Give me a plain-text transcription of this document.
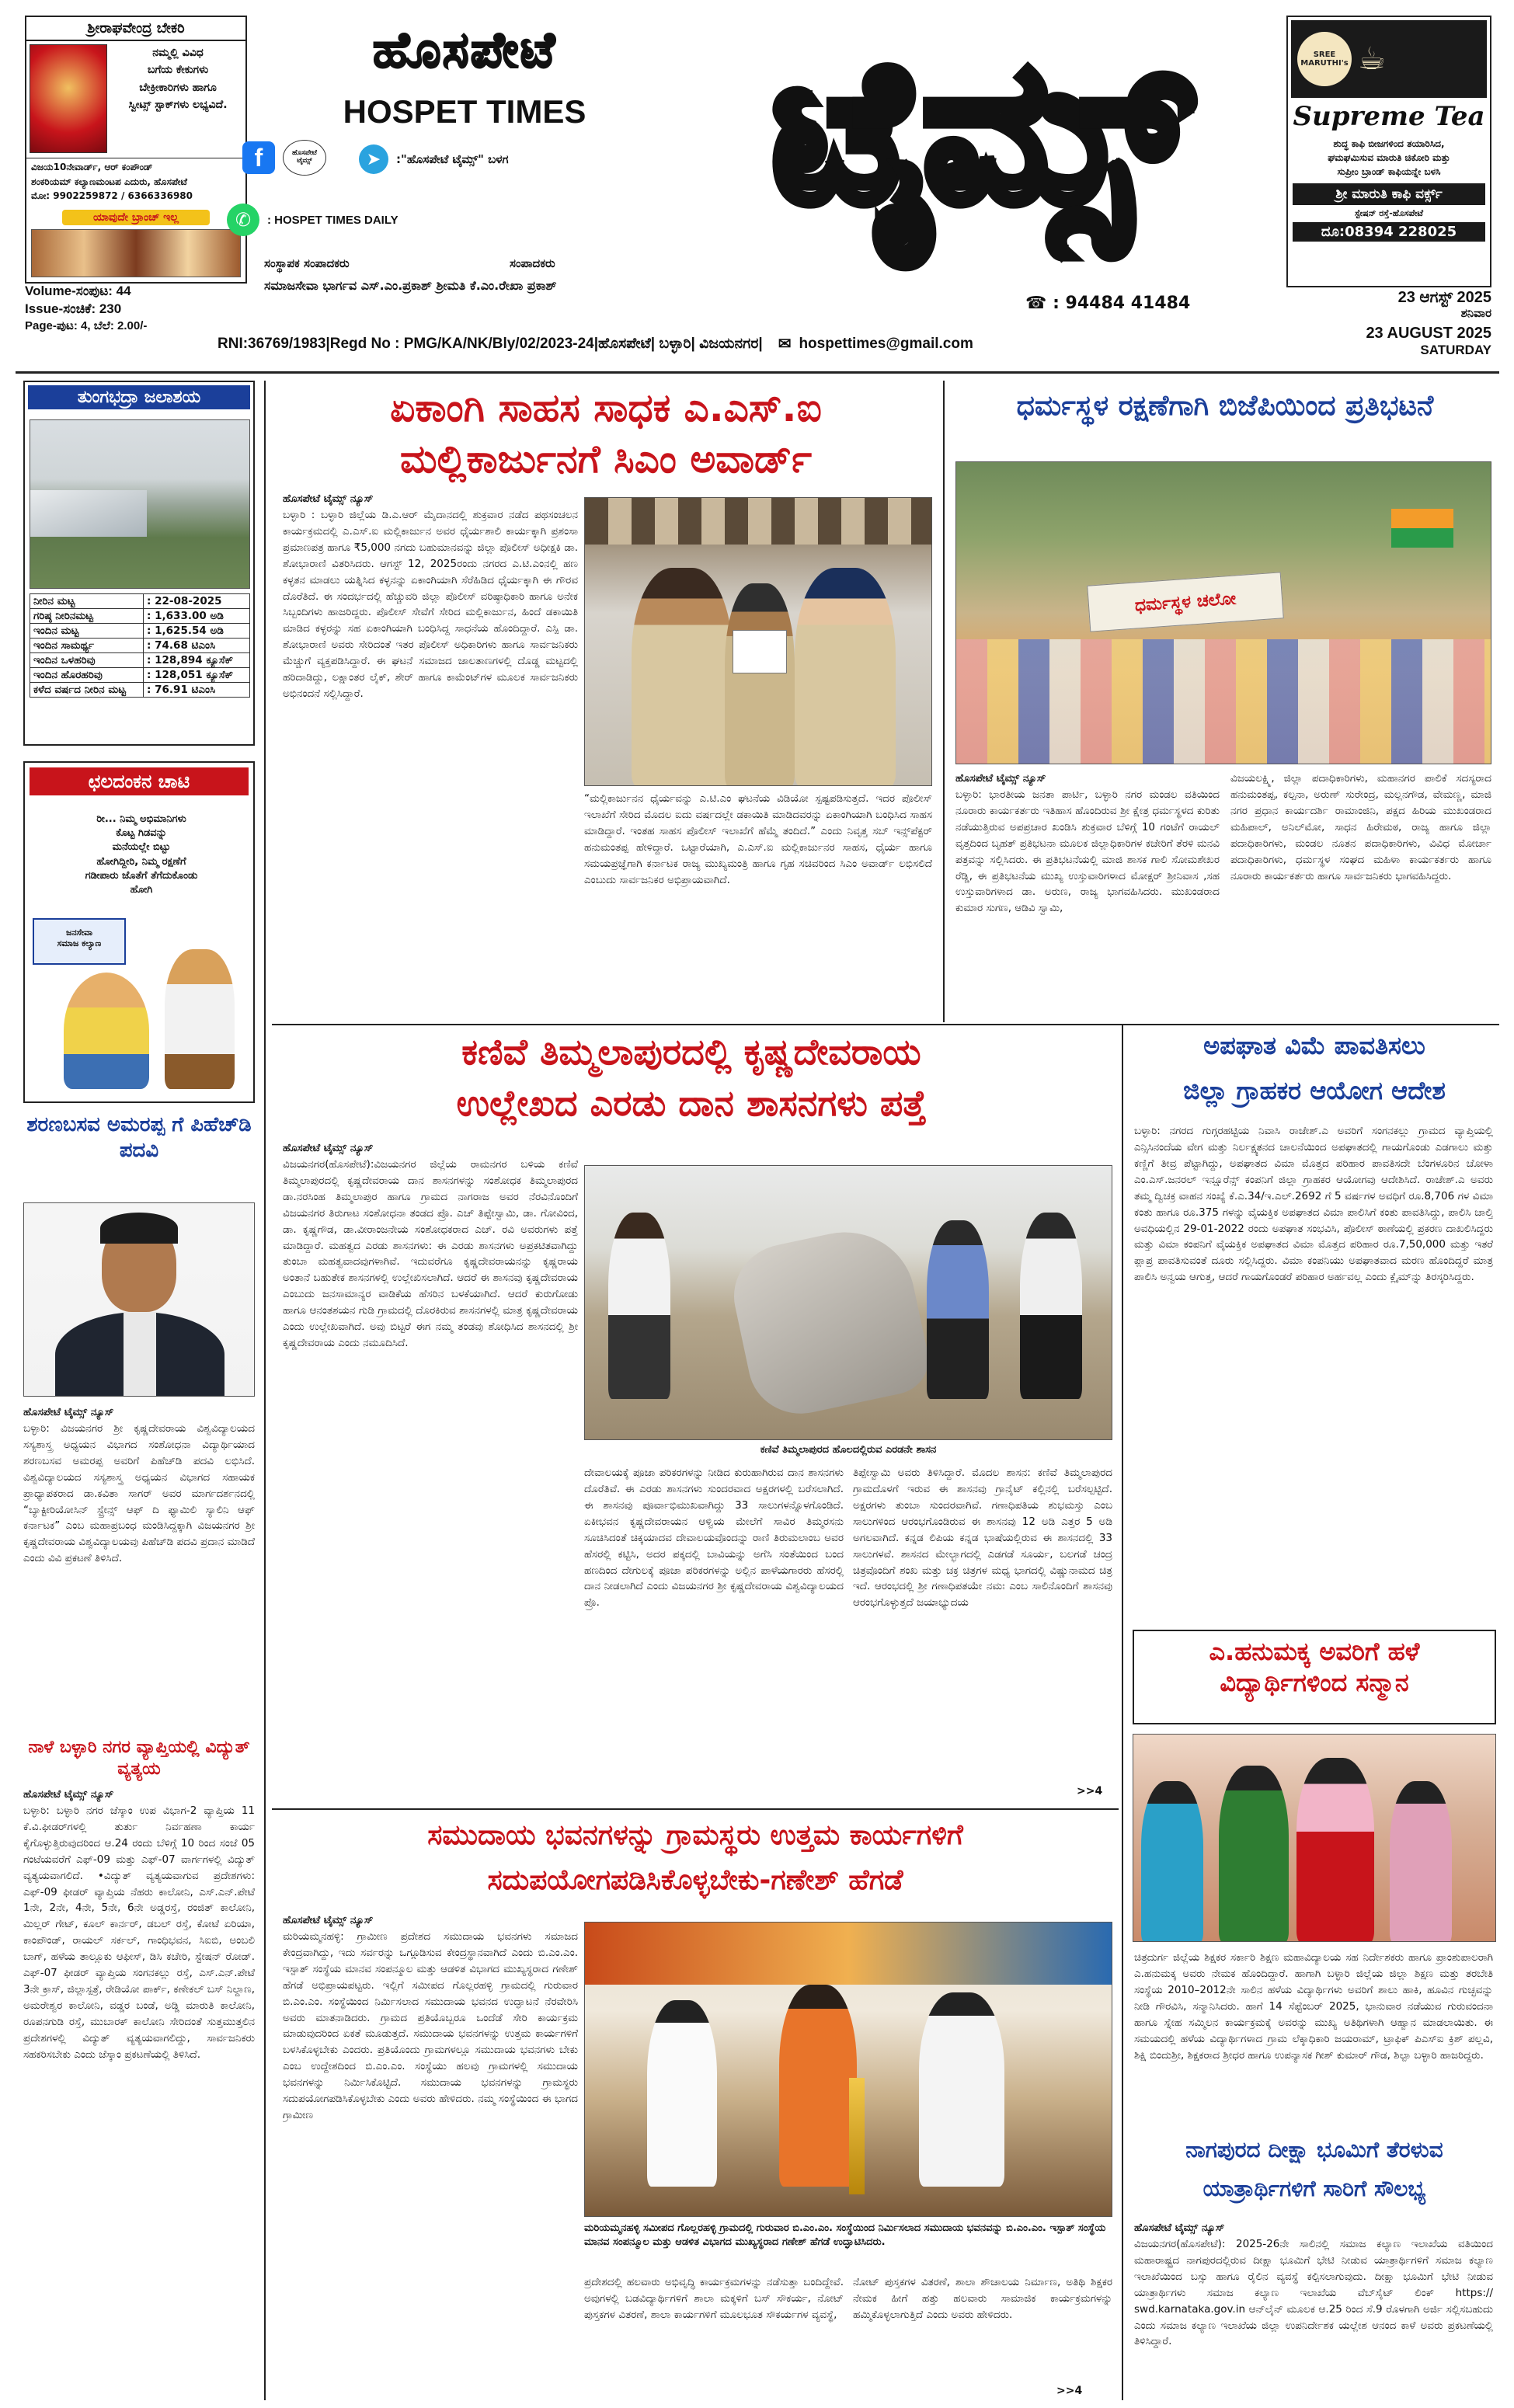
ಶ್ರೀರಾಘವೇಂದ್ರ ಬೇಕರಿ
ನಮ್ಮಲ್ಲಿ ವಿವಿಧ
ಬಗೆಯ ಕೇಕುಗಳು
ಬೇಕ್ರೀಕಾರಿಗಳು ಹಾಗೂ
ಸ್ವೀಟ್ಸ್ ಸ್ಟಾಕ್‌ಗಳು ಲಭ್ಯವಿದೆ.
ವಿಜಯ10ನೇವಾರ್ಡ್, ಆರ್ ಕಂಪೌಂಡ್
ಶಂಕರಿಯಮ್ ಕಲ್ಯಾಣಮಂಟಪ ಎದುರು, ಹೊಸಪೇಟೆ
ಮೋ: 9902259872 / 6366336980
ಯಾವುದೇ ಬ್ರಾಂಚ್ ಇಲ್ಲ
ಹೊಸಪೇಟೆ
HOSPET TIMES ಟೈಮ್ಸ್
f	ಹೊಸಪೇಟೆ ಟೈಮ್ಸ್	➤	:"ಹೊಸಪೇಟೆ ಟೈಮ್ಸ್" ಬಳಗ
✆	: HOSPET TIMES DAILY
ಸಂಸ್ಥಾಪಕ ಸಂಪಾದಕರು	ಸಂಪಾದಕರು
ಸಮಾಜಸೇವಾ ಭಾರ್ಗವ ಎಸ್.ಎಂ.ಪ್ರಕಾಶ್ ಶ್ರೀಮತಿ ಕೆ.ಎಂ.ರೇಖಾ ಪ್ರಕಾಶ್
☎ : 94484 41484
Volume-ಸಂಪುಟ: 44
Issue-ಸಂಚಿಕೆ: 230
Page-ಪುಟ: 4, ಬೆಲೆ: 2.00/-
RNI:36769/1983|Regd No : PMG/KA/NK/Bly/02/2023-24|ಹೊಸಪೇಟೆ| ಬಳ್ಳಾರಿ| ವಿಜಯನಗರ| ✉ hospettimes@gmail.com
SREE MARUTHI's ☕
Supreme Tea
ಶುದ್ಧ ಕಾಫಿ ಬೀಜಗಳಿಂದ ತಯಾರಿಸಿದ,
ಘಮಘಮಿಸುವ ಮಾರುತಿ ಚಿಕೋರಿ ಮತ್ತು
ಸುಪ್ರೀಂ ಬ್ರಾಂಡ್ ಕಾಫಿಯನ್ನೇ ಬಳಸಿ
ಶ್ರೀ ಮಾರುತಿ ಕಾಫಿ ವರ್ಕ್ಸ್
ಸ್ಟೇಷನ್ ರಸ್ತೆ-ಹೊಸಪೇಟೆ
ದೂ:08394 228025
23 ಆಗಸ್ಟ್ 2025
ಶನಿವಾರ
23 AUGUST 2025
SATURDAY
ತುಂಗಭದ್ರಾ ಜಲಾಶಯ
ನೀರಿನ ಮಟ್ಟ	: 22-08-2025
ಗರಿಷ್ಠ ನೀರಿನಮಟ್ಟ	: 1,633.00 ಅಡಿ
ಇಂದಿನ ಮಟ್ಟ	: 1,625.54 ಅಡಿ
ಇಂದಿನ ಸಾಮರ್ಥ್ಯ	: 74.68 ಟಿಎಂಸಿ
ಇಂದಿನ ಒಳಹರಿವು	: 128,894 ಕ್ಯೂಸೆಕ್
ಇಂದಿನ ಹೊರಹರಿವು	: 128,051 ಕ್ಯೂಸೆಕ್
ಕಳೆದ ವರ್ಷದ ನೀರಿನ ಮಟ್ಟ	: 76.91 ಟಿಎಂಸಿ
ಛಲದಂಕನ ಚಾಟಿ
ರೀ... ನಿಮ್ಮ ಅಭಿಮಾನಿಗಳು
ಕೊಟ್ಟ ಗಿಡವನ್ನು
ಮನೆಯಲ್ಲೇ ಬಿಟ್ಟು
ಹೋಗಿದ್ದೀರಿ, ನಿಮ್ಮ ರಕ್ಷಣೆಗೆ
ಗಡೀಪಾರು ಜೊತೆಗೆ ತೆಗೆದುಕೊಂಡು
ಹೋಗಿ
ಜನಸೇವಾ
ಸಮಾಜ ಕಲ್ಯಾಣ
ಶರಣಬಸವ ಅಮರಪ್ಪ ಗೆ ಪಿಹೆಚ್‌ಡಿ ಪದವಿ
ಹೊಸಪೇಟೆ ಟೈಮ್ಸ್ ನ್ಯೂಸ್
ಬಳ್ಳಾರಿ: ವಿಜಯನಗರ ಶ್ರೀ ಕೃಷ್ಣದೇವರಾಯ ವಿಶ್ವವಿದ್ಯಾಲಯದ ಸಸ್ಯಶಾಸ್ತ್ರ ಅಧ್ಯಯನ ವಿಭಾಗದ ಸಂಶೋಧನಾ ವಿದ್ಯಾರ್ಥಿಯಾದ ಶರಣಬಸವ ಅಮರಪ್ಪ ಅವರಿಗೆ ಪಿಹೆಚ್‌ಡಿ ಪದವಿ ಲಭಿಸಿದೆ. ವಿಶ್ವವಿದ್ಯಾಲಯದ ಸಸ್ಯಶಾಸ್ತ್ರ ಅಧ್ಯಯನ ವಿಭಾಗದ ಸಹಾಯಕ ಪ್ರಾಧ್ಯಾಪಕರಾದ ಡಾ.ಕವಿತಾ ಸಾಗರ್ ಅವರ ಮಾರ್ಗದರ್ಶನದಲ್ಲಿ “ಬ್ಯಾಕ್ಟೀರಿಯೋಸಿನ್ ಸ್ಟ್ರೇನ್ಸ್ ಆಫ್ ದಿ ಫ್ಯಾಮಿಲಿ ಸ್ಯಾಲಿನಿ ಆಫ್ ಕರ್ನಾಟಕ” ಎಂಬ ಮಹಾಪ್ರಬಂಧ ಮಂಡಿಸಿದ್ದಕ್ಕಾಗಿ ವಿಜಯನಗರ ಶ್ರೀ ಕೃಷ್ಣದೇವರಾಯ ವಿಶ್ವವಿದ್ಯಾಲಯವು ಪಿಹೆಚ್‌ಡಿ ಪದವಿ ಪ್ರದಾನ ಮಾಡಿದೆ ಎಂದು ವಿವಿ ಪ್ರಕಟಣೆ ತಿಳಿಸಿದೆ.
ನಾಳೆ ಬಳ್ಳಾರಿ ನಗರ ವ್ಯಾಪ್ತಿಯಲ್ಲಿ ವಿದ್ಯುತ್ ವ್ಯತ್ಯಯ
ಹೊಸಪೇಟೆ ಟೈಮ್ಸ್ ನ್ಯೂಸ್
ಬಳ್ಳಾರಿ: ಬಳ್ಳಾರಿ ನಗರ ಜೆಸ್ಕಾಂ ಉಪ ವಿಭಾಗ-2 ವ್ಯಾಪ್ತಿಯ 11 ಕೆ.ವಿ.ಫೀಡರ್‌ಗಳಲ್ಲಿ ತುರ್ತು ನಿರ್ವಹಣಾ ಕಾರ್ಯ ಕೈಗೊಳ್ಳುತ್ತಿರುವುದರಿಂದ ಆ.24 ರಂದು ಬೆಳಿಗ್ಗೆ 10 ರಿಂದ ಸಂಜೆ 05 ಗಂಟೆಯವರೆಗೆ ಎಫ್-09 ಮತ್ತು ಎಫ್-07 ವಾರ್ಗಗಳಲ್ಲಿ ವಿದ್ಯುತ್ ವ್ಯತ್ಯಯವಾಗಲಿದೆ. •ವಿದ್ಯುತ್ ವ್ಯತ್ಯಯವಾಗುವ ಪ್ರದೇಶಗಳು: ಎಫ್-09 ಫೀಡರ್ ವ್ಯಾಪ್ತಿಯ ನೆಹರು ಕಾಲೋನಿ, ಎಸ್.ಎನ್.ಪೇಟೆ 1ನೇ, 2ನೇ, 4ನೇ, 5ನೇ, 6ನೇ ಅಡ್ಡರಸ್ತೆ, ರಂಜಿತ್ ಕಾಲೋನಿ, ಮಿಲ್ಲರ್ ಗೇಟ್, ಕೂಲ್ ಕಾರ್ನರ್, ಡಬಲ್ ರಸ್ತೆ, ಕೋಟೆ ಏರಿಯಾ, ಕಾಂಪೌಂಡ್, ರಾಯಲ್ ಸರ್ಕಲ್, ಗಾಂಧಿಭವನ, ಸಿಐಬಿ, ಅಂಬಲಿ ಬಾಗ್, ಹಳೆಯ ತಾಲ್ಲೂಕು ಆಫೀಸ್, ಡಿಸಿ ಕಚೇರಿ, ಸ್ಟೇಷನ್ ರೋಡ್. ಎಫ್-07 ಫೀಡರ್ ವ್ಯಾಪ್ತಿಯ ಸಂಗನಕಲ್ಲು ರಸ್ತೆ, ಎಸ್.ಎನ್.ಪೇಟೆ 3ನೇ ಕ್ರಾಸ್, ಜಿಲ್ಲಾಸ್ಪತ್ರೆ, ರೇಡಿಯೋ ಪಾರ್ಕ್, ಕಣೇಕಲ್ ಬಸ್ ನಿಲ್ದಾಣ, ಅಮರೇಶ್ವರ ಕಾಲೋನಿ, ವಡ್ಡರ ಬಂಡೆ, ಅಡ್ಡಿ ಮಾರುತಿ ಕಾಲೋನಿ, ರೂಪನಗುಡಿ ರಸ್ತೆ, ಮುಬಾರಕ್ ಕಾಲೋನಿ ಸೇರಿದಂತೆ ಸುತ್ತಮುತ್ತಲಿನ ಪ್ರದೇಶಗಳಲ್ಲಿ ವಿದ್ಯುತ್ ವ್ಯತ್ಯಯವಾಗಲಿದ್ದು, ಸಾರ್ವಜನಿಕರು ಸಹಕರಿಸಬೇಕು ಎಂದು ಜೆಸ್ಕಾಂ ಪ್ರಕಟಣೆಯಲ್ಲಿ ತಿಳಿಸಿದೆ.
ಏಕಾಂಗಿ ಸಾಹಸ ಸಾಧಕ ಎ.ಎಸ್.ಐ
ಮಲ್ಲಿಕಾರ್ಜುನಗೆ ಸಿಎಂ ಅವಾರ್ಡ್
ಹೊಸಪೇಟೆ ಟೈಮ್ಸ್ ನ್ಯೂಸ್
ಬಳ್ಳಾರಿ : ಬಳ್ಳಾರಿ ಜಿಲ್ಲೆಯ ಡಿ.ಎ.ಆರ್ ಮೈದಾನದಲ್ಲಿ ಶುಕ್ರವಾರ ನಡೆದ ಪಥಸಂಚಲನ ಕಾರ್ಯಕ್ರಮದಲ್ಲಿ ಎ.ಎಸ್.ಐ ಮಲ್ಲಿಕಾರ್ಜುನ ಅವರ ಧೈರ್ಯಶಾಲಿ ಕಾರ್ಯಕ್ಕಾಗಿ ಪ್ರಶಂಸಾ ಪ್ರಮಾಣಪತ್ರ ಹಾಗೂ ₹5,000 ನಗದು ಬಹುಮಾನವನ್ನು ಜಿಲ್ಲಾ ಪೊಲೀಸ್ ಅಧೀಕ್ಷಕಿ ಡಾ. ಶೋಭಾರಾಣಿ ವಿತರಿಸಿದರು. ಆಗಸ್ಟ್ 12, 2025ರಂದು ನಗರದ ಎ.ಟಿ.ಎಂನಲ್ಲಿ ಹಣ ಕಳ್ಳತನ ಮಾಡಲು ಯತ್ನಿಸಿದ ಕಳ್ಳನನ್ನು ಏಕಾಂಗಿಯಾಗಿ ಸೆರೆಹಿಡಿದ ಧೈರ್ಯಕ್ಕಾಗಿ ಈ ಗೌರವ ದೊರೆತಿದೆ. ಈ ಸಂದರ್ಭದಲ್ಲಿ ಹೆಚ್ಚುವರಿ ಜಿಲ್ಲಾ ಪೊಲೀಸ್ ವರಿಷ್ಠಾಧಿಕಾರಿ ಹಾಗೂ ಅನೇಕ ಸಿಬ್ಬಂದಿಗಳು ಹಾಜರಿದ್ದರು. ಪೊಲೀಸ್ ಸೇವೆಗೆ ಸೇರಿದ ಮಲ್ಲಿಕಾರ್ಜುನ, ಹಿಂದೆ ಡಕಾಯಿತಿ ಮಾಡಿದ ಕಳ್ಳರನ್ನು ಸಹ ಏಕಾಂಗಿಯಾಗಿ ಬಂಧಿಸಿದ್ದ ಸಾಧನೆಯ ಹೊಂದಿದ್ದಾರೆ. ಎಸ್ಪಿ ಡಾ. ಶೋಭಾರಾಣಿ ಅವರು ಸೇರಿದಂತೆ ಇತರ ಪೊಲೀಸ್ ಅಧಿಕಾರಿಗಳು ಹಾಗೂ ಸಾರ್ವಜನಿಕರು ಮೆಚ್ಚುಗೆ ವ್ಯಕ್ತಪಡಿಸಿದ್ದಾರೆ. ಈ ಘಟನೆ ಸಮಾಜದ ಜಾಲತಾಣಗಳಲ್ಲಿ ದೊಡ್ಡ ಮಟ್ಟದಲ್ಲಿ ಹರಿದಾಡಿದ್ದು, ಲಕ್ಷಾಂತರ ಲೈಕ್, ಶೇರ್ ಹಾಗೂ ಕಾಮೆಂಟ್‌ಗಳ ಮೂಲಕ ಸಾರ್ವಜನಿಕರು ಅಭಿನಂದನೆ ಸಲ್ಲಿಸಿದ್ದಾರೆ.
“ಮಲ್ಲಿಕಾರ್ಜುನನ ಧೈರ್ಯವನ್ನು ಎ.ಟಿ.ಎಂ ಘಟನೆಯ ವಿಡಿಯೋ ಸ್ಪಷ್ಟಪಡಿಸುತ್ತದೆ. ಇದರ ಪೊಲೀಸ್ ಇಲಾಖೆಗೆ ಸೇರಿದ ಮೊದಲ ಐದು ವರ್ಷದಲ್ಲೇ ಡಕಾಯಿತಿ ಮಾಡಿದವರನ್ನು ಏಕಾಂಗಿಯಾಗಿ ಬಂಧಿಸಿದ ಸಾಹಸ ಮಾಡಿದ್ದಾರೆ. ಇಂತಹ ಸಾಹಸ ಪೊಲೀಸ್ ಇಲಾಖೆಗೆ ಹೆಮ್ಮೆ ತಂದಿದೆ.” ಎಂದು ನಿವೃತ್ತ ಸಬ್ ಇನ್ಸ್‌ಪೆಕ್ಟರ್ ಹನುಮಂತಪ್ಪ ಹೇಳಿದ್ದಾರೆ. ಒಟ್ಟಾರೆಯಾಗಿ, ಎ.ಎಸ್.ಐ ಮಲ್ಲಿಕಾರ್ಜುನರ ಸಾಹಸ, ಧೈರ್ಯ ಹಾಗೂ ಸಮಯಪ್ರಜ್ಞೆಗಾಗಿ ಕರ್ನಾಟಕ ರಾಜ್ಯ ಮುಖ್ಯಮಂತ್ರಿ ಹಾಗೂ ಗೃಹ ಸಚಿವರಿಂದ ಸಿಎಂ ಅವಾರ್ಡ್ ಲಭಿಸಲಿದೆ ಎಂಬುದು ಸಾರ್ವಜನಿಕರ ಅಭಿಪ್ರಾಯವಾಗಿದೆ.
ಧರ್ಮಸ್ಥಳ ರಕ್ಷಣೆಗಾಗಿ ಬಿಜೆಪಿಯಿಂದ ಪ್ರತಿಭಟನೆ
ಧರ್ಮಸ್ಥಳ ಚಲೋ
ಹೊಸಪೇಟೆ ಟೈಮ್ಸ್ ನ್ಯೂಸ್
ಬಳ್ಳಾರಿ: ಭಾರತೀಯ ಜನತಾ ಪಾರ್ಟಿ, ಬಳ್ಳಾರಿ ನಗರ ಮಂಡಲ ವತಿಯಿಂದ ನೂರಾರು ಕಾರ್ಯಕರ್ತರು ಇತಿಹಾಸ ಹೊಂದಿರುವ ಶ್ರೀ ಕ್ಷೇತ್ರ ಧರ್ಮಸ್ಥಳದ ಕುರಿತು ನಡೆಯುತ್ತಿರುವ ಅಪಪ್ರಚಾರ ಖಂಡಿಸಿ ಶುಕ್ರವಾರ ಬೆಳಿಗ್ಗೆ 10 ಗಂಟೆಗೆ ರಾಯಲ್ ವೃತ್ತದಿಂದ ಬೃಹತ್ ಪ್ರತಿಭಟನಾ ಮೂಲಕ ಜಿಲ್ಲಾಧಿಕಾರಿಗಳ ಕಚೇರಿಗೆ ತೆರಳಿ ಮನವಿ ಪತ್ರವನ್ನು ಸಲ್ಲಿಸಿದರು. ಈ ಪ್ರತಿಭಟನೆಯಲ್ಲಿ ಮಾಜಿ ಶಾಸಕ ಗಾಲಿ ಸೋಮಶೇಖರ ರೆಡ್ಡಿ, ಈ ಪ್ರತಿಭಟನೆಯ ಮುಖ್ಯ ಉಸ್ತುವಾರಿಗಳಾದ ಮೋಕ್ಷರ್ ಶ್ರೀನಿವಾಸ ,ಸಹ ಉಸ್ತುವಾರಿಗಳಾದ ಡಾ. ಅರುಣ, ರಾಜ್ಯ ಭಾಗವಹಿಸಿದರು. ಮುಖಂಡರಾದ ಕುಮಾರ ಸುಗಣ, ಆಡಿವಿ ಸ್ವಾಮಿ,
ವಿಜಯಲಕ್ಷ್ಮಿ, ಜಿಲ್ಲಾ ಪದಾಧಿಕಾರಿಗಳು, ಮಹಾನಗರ ಪಾಲಿಕೆ ಸದಸ್ಯರಾದ ಹನುಮಂತಪ್ಪ, ಕಲ್ಪನಾ, ಅರುಣ್ ಸುರೇಂದ್ರ, ಮಲ್ಲನಗೌಡ, ವೇಮಣ್ಣ, ಮಾಜಿ ನಗರ ಪ್ರಧಾನ ಕಾರ್ಯದರ್ಶಿ ರಾಮಾಂಜಿನಿ, ಪಕ್ಷದ ಹಿರಿಯ ಮುಖಂಡರಾದ ಮಹಿಪಾಲ್, ಅನಿಲ್‌ಮೋ, ಸಾಧನ ಹಿರೇಮಠ, ರಾಜ್ಯ ಹಾಗೂ ಜಿಲ್ಲಾ ಪದಾಧಿಕಾರಿಗಳು, ಮಂಡಲ ನೂತನ ಪದಾಧಿಕಾರಿಗಳು, ವಿವಿಧ ಮೋರ್ಚಾ ಪದಾಧಿಕಾರಿಗಳು, ಧರ್ಮಸ್ಥಳ ಸಂಘದ ಮಹಿಳಾ ಕಾರ್ಯಕರ್ತರು ಹಾಗೂ ನೂರಾರು ಕಾರ್ಯಕರ್ತರು ಹಾಗೂ ಸಾರ್ವಜನಿಕರು ಭಾಗವಹಿಸಿದ್ದರು.
ಕಣಿವೆ ತಿಮ್ಮಲಾಪುರದಲ್ಲಿ ಕೃಷ್ಣದೇವರಾಯ
ಉಲ್ಲೇಖದ ಎರಡು ದಾನ ಶಾಸನಗಳು ಪತ್ತೆ
ಹೊಸಪೇಟೆ ಟೈಮ್ಸ್ ನ್ಯೂಸ್
ವಿಜಯನಗರ(ಹೊಸಪೇಟೆ):ವಿಜಯನಗರ ಜಿಲ್ಲೆಯ ರಾಮನಗರ ಬಳಿಯ ಕಣಿವೆ ತಿಮ್ಮಲಾಪುರದಲ್ಲಿ ಕೃಷ್ಣದೇವರಾಯ ದಾನ ಶಾಸನಗಳನ್ನು ಸಂಶೋಧಕ ತಿಮ್ಮಲಾಪುರದ ಡಾ.ನರಸಿಂಹ ತಿಮ್ಮಲಾಪುರ ಹಾಗೂ ಗ್ರಾಮದ ನಾಗರಾಜ ಅವರ ನೆರವಿನೊಂದಿಗೆ ವಿಜಯನಗರ ತಿರುಗಾಟ ಸಂಶೋಧನಾ ತಂಡದ ಪ್ರೊ. ಎಚ್ ತಿಪ್ಪೇಸ್ವಾಮಿ, ಡಾ. ಗೋವಿಂದ, ಡಾ. ಕೃಷ್ಣಗೌಡ, ಡಾ.ವೀರಾಂಜನೇಯ ಸಂಶೋಧಕರಾದ ಎಚ್. ರವಿ ಅವರುಗಳು ಪತ್ತೆ ಮಾಡಿದ್ದಾರೆ. ಮಹತ್ವದ ಎರಡು ಶಾಸನಗಳು: ಈ ಎರಡು ಶಾಸನಗಳು ಅಪ್ರಕಟಿತವಾಗಿದ್ದು ತುಂಬಾ ಮಹತ್ವವಾದವುಗಳಾಗಿವೆ. ಇದುವರೆಗೂ ಕೃಷ್ಣದೇವರಾಯನನ್ನು ಕೃಷ್ಣರಾಯ ಅಂತಾನೆ ಬಹುತೇಕ ಶಾಸನಗಳಲ್ಲಿ ಉಲ್ಲೇಖಿಸಲಾಗಿದೆ. ಆದರೆ ಈ ಶಾಸನವು ಕೃಷ್ಣದೇವರಾಯ ಎಂಬುದು ಜನಸಾಮಾನ್ಯರ ವಾಡಿಕೆಯ ಹೆಸರಿನ ಬಳಕೆಯಾಗಿದೆ. ಆದರೆ ಕುರುಗೋಡು ಹಾಗೂ ಆನಂತಶಯನ ಗುಡಿ ಗ್ರಾಮದಲ್ಲಿ ದೊರಕಿರುವ ಶಾಸನಗಳಲ್ಲಿ ಮಾತ್ರ ಕೃಷ್ಣದೇವರಾಯ ಎಂದು ಉಲ್ಲೇಖವಾಗಿದೆ. ಅವು ಬಿಟ್ಟರೆ ಈಗ ನಮ್ಮ ತಂಡವು ಶೋಧಿಸಿದ ಶಾಸನದಲ್ಲಿ ಶ್ರೀ ಕೃಷ್ಣದೇವರಾಯ ಎಂದು ನಮೂದಿಸಿದೆ.
ಕಣಿವೆ ತಿಮ್ಮಲಾಪುರದ ಹೊಲದಲ್ಲಿರುವ ಎರಡನೇ ಶಾಸನ
ದೇವಾಲಯಕ್ಕೆ ಪೂಜಾ ಪರಿಕರಗಳನ್ನು ನೀಡಿದ ಕುರುಹಾಗಿರುವ ದಾನ ಶಾಸನಗಳು ದೊರೆತಿವೆ. ಈ ಎರಡು ಶಾಸನಗಳು ಸುಂದರವಾದ ಅಕ್ಷರಗಳಲ್ಲಿ ಬರೆಸಲಾಗಿದೆ. ಈ ಶಾಸನವು ಪೂರ್ವಾಭಿಮುಖವಾಗಿದ್ದು 33 ಸಾಲುಗಳನ್ನೊಳಗೊಂಡಿದೆ. ಏಕೀಭವನ ಕೃಷ್ಣದೇವರಾಯನ ಆಳ್ವಿಯ ಮೇಲೆಗೆ ಸಾವಿರ ತಿಮ್ಮರಸನು ಸೂಚಿಸಿದಂತೆ ಚಿಕ್ಕಯಾದವ ದೇವಾಲಯವೊಂದನ್ನು ರಾಣಿ ತಿರುಮಲಾಂಬ ಅವರ ಹೆಸರಲ್ಲಿ ಕಟ್ಟಿಸಿ, ಅದರ ಪಕ್ಕದಲ್ಲಿ ಬಾವಿಯನ್ನು ಅಗೆಸಿ ಸಂತೆಯಿಂದ ಬಂದ ಹಣದಿಂದ ದೇಗುಲಕ್ಕೆ ಪೂಜಾ ಪರಿಕರಗಳನ್ನು ಅಲ್ಲಿನ ಪಾಳೆಯಗಾರರು ಹೆಸರಲ್ಲಿ ದಾನ ನೀಡಲಾಗಿದೆ ಎಂದು ವಿಜಯನಗರ ಶ್ರೀ ಕೃಷ್ಣದೇವರಾಯ ವಿಶ್ವವಿದ್ಯಾಲಯದ ಪ್ರೊ.
ತಿಪ್ಪೇಸ್ವಾಮಿ ಅವರು ತಿಳಿಸಿದ್ದಾರೆ. ಮೊದಲ ಶಾಸನ: ಕಣಿವೆ ತಿಮ್ಮಲಾಪುರದ ಗ್ರಾಮದೊಳಗೆ ಇರುವ ಈ ಶಾಸನವು ಗ್ರಾನೈಟ್ ಕಲ್ಲಿನಲ್ಲಿ ಬರೆಸಲ್ಪಟ್ಟಿದೆ. ಅಕ್ಷರಗಳು ತುಂಬಾ ಸುಂದರವಾಗಿವೆ. ಗಣಾಧಿಪತಿಯ ಶುಭಮಸ್ತು ಎಂಬ ಸಾಲುಗಳಿಂದ ಆರಂಭಗೊಂಡಿರುವ ಈ ಶಾಸನವು 12 ಅಡಿ ಎತ್ತರ 5 ಅಡಿ ಅಗಲವಾಗಿದೆ. ಕನ್ನಡ ಲಿಪಿಯ ಕನ್ನಡ ಭಾಷೆಯಲ್ಲಿರುವ ಈ ಶಾಸನದಲ್ಲಿ 33 ಸಾಲುಗಳವೆ. ಶಾಸನದ ಮೇಲ್ಭಾಗದಲ್ಲಿ ಎಡಗಡೆ ಸೂರ್ಯ, ಬಲಗಡೆ ಚಂದ್ರ ಚಿತ್ರವೊಂದಿಗೆ ಶಂಖ ಮತ್ತು ಚಕ್ರ ಚಿತ್ರಗಳ ಮಧ್ಯ ಭಾಗದಲ್ಲಿ ವಿಷ್ಣುನಾಮದ ಚಿತ್ರ ಇದೆ. ಆರಂಭದಲ್ಲಿ ಶ್ರೀ ಗಣಾಧಿಪತಯೇ ನಮಃ ಎಂಬ ಸಾಲಿನೊಂದಿಗೆ ಶಾಸನವು ಆರಂಭಗೊಳ್ಳುತ್ತದೆ ಜಯಾಭ್ಯುದಯ
>>4
ಅಪಘಾತ ವಿಮೆ ಪಾವತಿಸಲು
ಜಿಲ್ಲಾ ಗ್ರಾಹಕರ ಆಯೋಗ ಆದೇಶ
ಬಳ್ಳಾರಿ: ನಗರದ ಗುಗ್ಗರಹಟ್ಟಿಯ ನಿವಾಸಿ ರಾಜೇಶ್.ಎ ಅವರಿಗೆ ಸಂಗನಕಲ್ಲು ಗ್ರಾಮದ ವ್ಯಾಪ್ತಿಯಲ್ಲಿ ಎನ್ಸಿಸಿನಂದೆಯ ವೇಗ ಮತ್ತು ನಿರ್ಲಕ್ಷ್ಯತನದ ಚಾಲನೆಯಿಂದ ಅಪಘಾತದಲ್ಲಿ ಗಾಯಗೊಂಡು ಎಡಗಾಲು ಮತ್ತು ಕಣ್ಣಿಗೆ ತೀವ್ರ ಪೆಟ್ಟಾಗಿದ್ದು, ಅಪಘಾತದ ವಿಮಾ ಮೊತ್ತದ ಪರಿಹಾರ ಪಾವತಿಸದೇ ಬೆಂಗಳೂರಿನ ಚೋಳಾ ಎಂ.ಎಸ್.ಜನರಲ್ ಇನ್ಷೂರೆನ್ಸ್ ಕಂಪನಿಗೆ ಜಿಲ್ಲಾ ಗ್ರಾಹಕರ ಆಯೋಗವು ಆದೇಶಿಸಿದೆ. ರಾಜೇಶ್.ಎ ಅವರು ತಮ್ಮ ದ್ವಿಚಕ್ರ ವಾಹನ ಸಂಖ್ಯೆ ಕೆ.ಎ.34/ಇ.ಎಲ್.2692 ಗೆ 5 ವರ್ಷಗಳ ಅವಧಿಗೆ ರೂ.8,706 ಗಳ ವಿಮಾ ಕಂತು ಹಾಗೂ ರೂ.375 ಗಳನ್ನು ವೈಯಕ್ತಿಕ ಅಪಘಾತದ ವಿಮಾ ಪಾಲಿಸಿಗೆ ಕಂತು ಪಾವತಿಸಿದ್ದು, ಪಾಲಿಸಿ ಚಾಲ್ತಿ ಅವಧಿಯಲ್ಲಿನ 29-01-2022 ರಂದು ಅಪಘಾತ ಸಂಭವಿಸಿ, ಪೊಲೀಸ್ ಠಾಣೆಯಲ್ಲಿ ಪ್ರಕರಣ ದಾಖಲಿಸಿದ್ದರು ಮತ್ತು ವಿಮಾ ಕಂಪನಿಗೆ ವೈಯಕ್ತಿಕ ಅಪಘಾತದ ವಿಮಾ ಮೊತ್ತದ ಪರಿಹಾರ ರೂ.7,50,000 ಮತ್ತು ಇತರೆ ಪ್ಲಾಪ್ರ ಪಾವತಿಸುವಂತೆ ದೂರು ಸಲ್ಲಿಸಿದ್ದರು. ವಿಮಾ ಕಂಪನಿಯು ಅಪಘಾತವಾದ ಮರಣ ಹೊಂದಿದ್ದರೆ ಮಾತ್ರ ಪಾಲಿಸಿ ಅನ್ವಯ ಆಗುತ್ತ, ಆದರೆ ಗಾಯಗೊಂಡರೆ ಪರಿಹಾರ ಅರ್ಹವಲ್ಲ ಎಂದು ಕ್ಲೈಮ್‌ನ್ನು ತಿರಸ್ಕರಿಸಿದ್ದರು.
ಎ.ಹನುಮಕ್ಕ ಅವರಿಗೆ ಹಳೆ
ವಿದ್ಯಾರ್ಥಿಗಳಿಂದ ಸನ್ಮಾನ
ಚಿತ್ರದುರ್ಗ ಜಿಲ್ಲೆಯ ಶಿಕ್ಷಕರ ಸರ್ಕಾರಿ ಶಿಕ್ಷಣ ಮಹಾವಿದ್ಯಾಲಯ ಸಹ ನಿರ್ದೇಶಕರು ಹಾಗೂ ಪ್ರಾಂಶುಪಾಲರಾಗಿ ಎ.ಹನುಮಕ್ಕ ಅವರು ನೇಮಕ ಹೊಂದಿದ್ದಾರೆ. ಹಾಗಾಗಿ ಬಳ್ಳಾರಿ ಜಿಲ್ಲೆಯ ಜಿಲ್ಲಾ ಶಿಕ್ಷಣ ಮತ್ತು ತರಬೇತಿ ಸಂಸ್ಥೆಯ 2010–2012ನೇ ಸಾಲಿನ ಹಳೆಯ ವಿದ್ಯಾರ್ಥಿಗಳು ಅವರಿಗೆ ಶಾಲು ಹಾಕಿ, ಹೂವಿನ ಗುಚ್ಛವನ್ನು ನೀಡಿ ಗೌರವಿಸಿ, ಸನ್ಮಾನಿಸಿದರು. ಹಾಗೆ 14 ಸೆಪ್ಟೆಂಬರ್ 2025, ಭಾನುವಾರ ನಡೆಯುವ ಗುರುವಂದನಾ ಹಾಗೂ ಸ್ನೇಹ ಸಮ್ಮಿಲನ ಕಾರ್ಯಕ್ರಮಕ್ಕೆ ಅವರನ್ನು ಮುಖ್ಯ ಅತಿಥಿಗಳಾಗಿ ಆಹ್ವಾನ ಮಾಡಲಾಯಿತು. ಈ ಸಮಯದಲ್ಲಿ ಹಳೆಯ ವಿದ್ಯಾರ್ಥಿಗಳಾದ ಗ್ರಾಮ ಲೆಕ್ಕಾಧಿಕಾರಿ ಜಯರಾಮ್, ಟ್ರಾಫಿಕ್ ಪಿಎಸ್ಐ ಕ್ರಿಶ್ ಪಲ್ಲವಿ, ಶಿಕ್ಷಿ ಬಿಂದುಶ್ರೀ, ಶಿಕ್ಷಕರಾದ ಶ್ರೀಧರ ಹಾಗೂ ಉಪನ್ಯಾಸಕ ಗೀಶ್ ಕುಮಾರ್ ಗೌಡ, ಶಿಲ್ಪಾ ಬಳ್ಳಾರಿ ಹಾಜರಿದ್ದರು.
ನಾಗಪುರದ ದೀಕ್ಷಾ ಭೂಮಿಗೆ ತೆರಳುವ
ಯಾತ್ರಾರ್ಥಿಗಳಿಗೆ ಸಾರಿಗೆ ಸೌಲಭ್ಯ
ಹೊಸಪೇಟೆ ಟೈಮ್ಸ್ ನ್ಯೂಸ್
ವಿಜಯನಗರ(ಹೊಸಪೇಟೆ): 2025-26ನೇ ಸಾಲಿನಲ್ಲಿ ಸಮಾಜ ಕಲ್ಯಾಣ ಇಲಾಖೆಯ ವತಿಯಿಂದ ಮಹಾರಾಷ್ಟ್ರದ ನಾಗಪುರದಲ್ಲಿರುವ ದೀಕ್ಷಾ ಭೂಮಿಗೆ ಭೇಟಿ ನೀಡುವ ಯಾತ್ರಾರ್ಥಿಗಳಿಗೆ ಸಮಾಜ ಕಲ್ಯಾಣ ಇಲಾಖೆಯಿಂದ ಬಸ್ಸು ಹಾಗೂ ರೈಲಿನ ವ್ಯವಸ್ಥೆ ಕಲ್ಪಿಸಲಾಗುವುದು. ದೀಕ್ಷಾ ಭೂಮಿಗೆ ಭೇಟಿ ನೀಡುವ ಯಾತ್ರಾರ್ಥಿಗಳು ಸಮಾಜ ಕಲ್ಯಾಣ ಇಲಾಖೆಯ ವೆಬ್‌ಸೈಟ್ ಲಿಂಕ್ https:// swd.karnataka.gov.in ಆನ್‌ಲೈನ್ ಮೂಲಕ ಆ.25 ರಿಂದ ಸೆ.9 ರೊಳಗಾಗಿ ಅರ್ಜಿ ಸಲ್ಲಿಸಬಹುದು ಎಂದು ಸಮಾಜ ಕಲ್ಯಾಣ ಇಲಾಖೆಯ ಜಿಲ್ಲಾ ಉಪನಿರ್ದೇಶಕ ಯಲ್ಲೇಶ ಆನಂದ ಕಾಳೆ ಅವರು ಪ್ರಕಟಣೆಯಲ್ಲಿ ತಿಳಿಸಿದ್ದಾರೆ.
ಸಮುದಾಯ ಭವನಗಳನ್ನು ಗ್ರಾಮಸ್ಥರು ಉತ್ತಮ ಕಾರ್ಯಗಳಿಗೆ
ಸದುಪಯೋಗಪಡಿಸಿಕೊಳ್ಳಬೇಕು-ಗಣೇಶ್ ಹೆಗಡೆ
ಹೊಸಪೇಟೆ ಟೈಮ್ಸ್ ನ್ಯೂಸ್
ಮರಿಯಮ್ಮನಹಳ್ಳಿ: ಗ್ರಾಮೀಣ ಪ್ರದೇಶದ ಸಮುದಾಯ ಭವನಗಳು ಸಮಾಜದ ಕೇಂದ್ರವಾಗಿದ್ದು, ಇದು ಸರ್ವರನ್ನು ಒಗ್ಗೂಡಿಸುವ ಕೇಂದ್ರಸ್ಥಾನವಾಗಿದೆ ಎಂದು ಬಿ.ಎಂ.ಎಂ. ಇಸ್ಪಾತ್ ಸಂಸ್ಥೆಯ ಮಾನವ ಸಂಪನ್ಮೂಲ ಮತ್ತು ಆಡಳಿತ ವಿಭಾಗದ ಮುಖ್ಯಸ್ಥರಾದ ಗಣೇಶ್ ಹೆಗಡೆ ಅಭಿಪ್ರಾಯಪಟ್ಟರು. ಇಲ್ಲಿಗೆ ಸಮೀಪದ ಗೊಲ್ಲರಹಳ್ಳಿ ಗ್ರಾಮದಲ್ಲಿ ಗುರುವಾರ ಬಿ.ಎಂ.ಎಂ. ಸಂಸ್ಥೆಯಿಂದ ನಿರ್ಮಿಸಲಾದ ಸಮುದಾಯ ಭವನದ ಉದ್ಘಾಟನೆ ನೆರವೇರಿಸಿ ಅವರು ಮಾತನಾಡಿದರು. ಗ್ರಾಮದ ಪ್ರತಿಯೊಬ್ಬರೂ ಒಂದೆಡೆ ಸೇರಿ ಕಾರ್ಯಕ್ರಮ ಮಾಡುವುದರಿಂದ ಏಕತೆ ಮೂಡುತ್ತದೆ. ಸಮುದಾಯ ಭವನಗಳನ್ನು ಉತ್ತಮ ಕಾರ್ಯಗಳಿಗೆ ಬಳಸಿಕೊಳ್ಳಬೇಕು ಎಂದರು. ಪ್ರತಿಯೊಂದು ಗ್ರಾಮಗಳಲ್ಲೂ ಸಮುದಾಯ ಭವನಗಳು ಬೇಕು ಎಂಬ ಉದ್ದೇಶದಿಂದ ಬಿ.ಎಂ.ಎಂ. ಸಂಸ್ಥೆಯು ಹಲವು ಗ್ರಾಮಗಳಲ್ಲಿ ಸಮುದಾಯ ಭವನಗಳನ್ನು ನಿರ್ಮಿಸಿಕೊಟ್ಟಿದೆ. ಸಮುದಾಯ ಭವನಗಳನ್ನು ಗ್ರಾಮಸ್ಥರು ಸದುಪಯೋಗಪಡಿಸಿಕೊಳ್ಳಬೇಕು ಎಂದು ಅವರು ಹೇಳಿದರು. ನಮ್ಮ ಸಂಸ್ಥೆಯಿಂದ ಈ ಭಾಗದ ಗ್ರಾಮೀಣ
ಮರಿಯಮ್ಮನಹಳ್ಳಿ ಸಮೀಪದ ಗೊಲ್ಲರಹಳ್ಳಿ ಗ್ರಾಮದಲ್ಲಿ ಗುರುವಾರ ಬಿ.ಎಂ.ಎಂ. ಸಂಸ್ಥೆಯಿಂದ ನಿರ್ಮಿಸಲಾದ ಸಮುದಾಯ ಭವನವನ್ನು ಬಿ.ಎಂ.ಎಂ. ಇಸ್ಪಾತ್ ಸಂಸ್ಥೆಯ ಮಾನವ ಸಂಪನ್ಮೂಲ ಮತ್ತು ಆಡಳಿತ ವಿಭಾಗದ ಮುಖ್ಯಸ್ಥರಾದ ಗಣೇಶ್ ಹೆಗಡೆ ಉದ್ಘಾಟಿಸಿದರು.
ಪ್ರದೇಶದಲ್ಲಿ ಹಲವಾರು ಅಭಿವೃದ್ಧಿ ಕಾರ್ಯಕ್ರಮಗಳನ್ನು ನಡೆಸುತ್ತಾ ಬಂದಿದ್ದೇವೆ. ಅವುಗಳಲ್ಲಿ ಬಡವಿದ್ಯಾರ್ಥಿಗಳಿಗೆ ಶಾಲಾ ಮಕ್ಕಳಿಗೆ ಬಸ್ ಸೌಕರ್ಯ, ನೋಟ್ ಪುಸ್ತಕಗಳ ವಿತರಣೆ, ಶಾಲಾ ಕಾರ್ಯಗಳಿಗೆ ಮೂಲಭೂತ ಸೌಕರ್ಯಗಳ ವ್ಯವಸ್ಥೆ,
ನೋಟ್ ಪುಸ್ತಕಗಳ ವಿತರಣೆ, ಶಾಲಾ ಶೌಚಾಲಯ ನಿರ್ಮಾಣ, ಅತಿಥಿ ಶಿಕ್ಷಕರ ನೇಮಕ ಹೀಗೆ ಹತ್ತು ಹಲವಾರು ಸಾಮಾಜಿಕ ಕಾರ್ಯಕ್ರಮಗಳನ್ನು ಹಮ್ಮಿಕೊಳ್ಳಲಾಗುತ್ತಿದೆ ಎಂದು ಅವರು ಹೇಳಿದರು.
>>4
